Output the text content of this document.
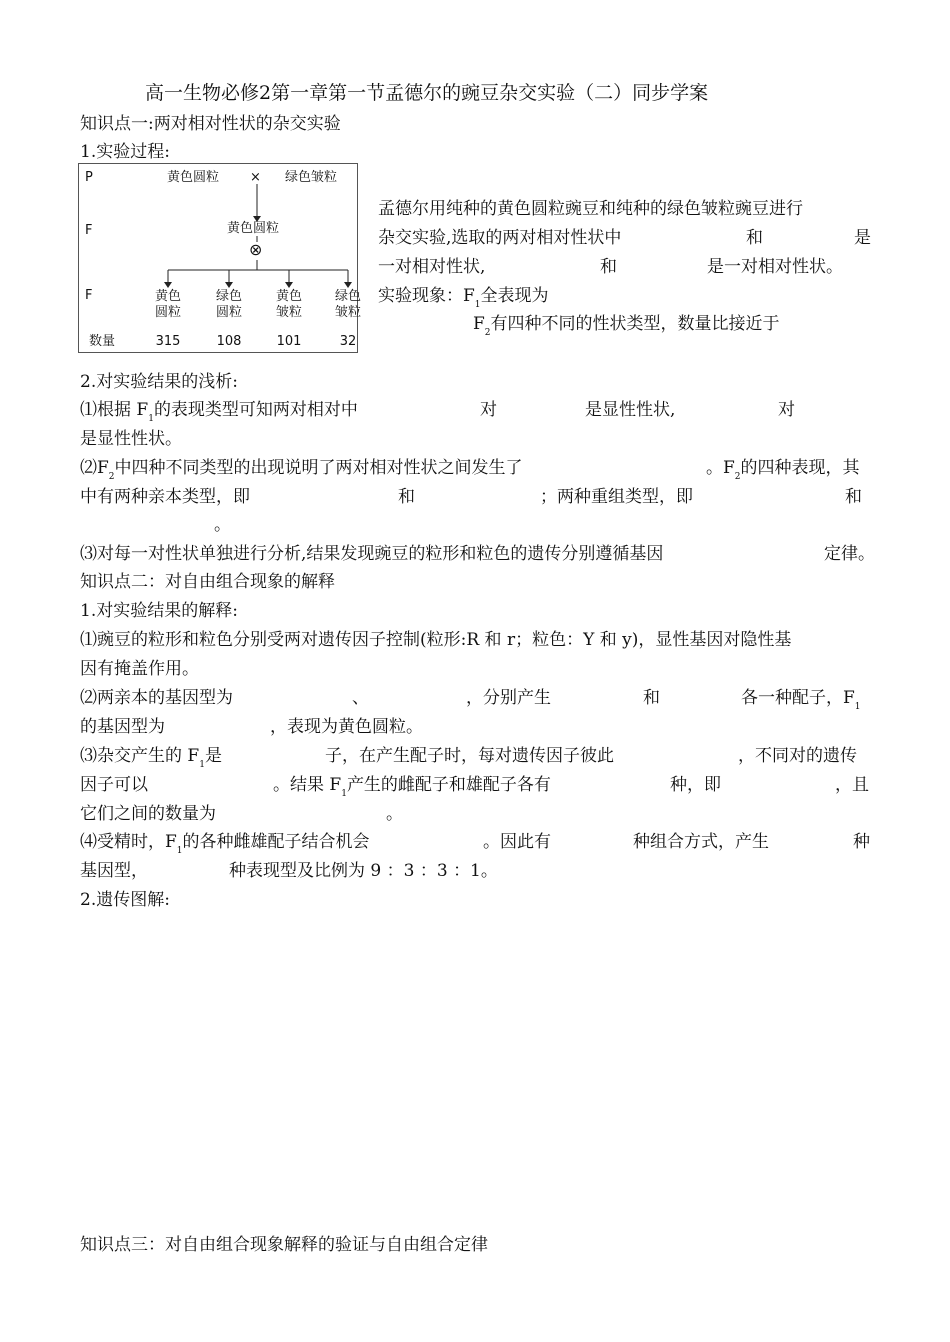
高一生物必修2第一章第一节孟德尔的豌豆杂交实验（二）同步学案
知识点一:两对相对性状的杂交实验
1.实验过程:
P	黄色圆粒 × 绿色皱粒
F	黄色圆粒
⊗
F	黄色
圆粒
绿色
圆粒
黄色
皱粒
绿色
皱粒
数量	315	108	101	32
孟德尔用纯种的黄色圆粒豌豆和纯种的绿色皱粒豌豆进行
杂交实验,选取的两对相对性状中	和	是
一对相对性状,	和	是一对相对性状。
实验现象：$F_1$全表现为
$F_2$有四种不同的性状类型，数量比接近于
2.对实验结果的浅析:
⑴根据 $F_1$的表现类型可知两对相对中	对	是显性性状,	对
是显性性状。
$⑵F_2$中四种不同类型的出现说明了两对相对性状之间发生了	。$F_2$的四种表现，其
中有两种亲本类型，即	和	；两种重组类型，即	和
。
⑶对每一对性状单独进行分析,结果发现豌豆的粒形和粒色的遗传分别遵循基因	定律。
知识点二：对自由组合现象的解释
1.对实验结果的解释:
⑴豌豆的粒形和粒色分别受两对遗传因子控制(粒形:R 和 r；粒色：Y 和 y)，显性基因对隐性基
因有掩盖作用。
⑵两亲本的基因型为	、	，分别产生	和	各一种配子，$F_1$
的基因型为	，表现为黄色圆粒。
⑶杂交产生的 $F_1$是	子，在产生配子时，每对遗传因子彼此	，不同对的遗传
因子可以	。结果 $F_1$产生的雌配子和雄配子各有	种，即	，且
它们之间的数量为	。
⑷受精时，$F_1$的各种雌雄配子结合机会	。因此有	种组合方式，产生	种
基因型，	种表现型及比例为 9 ：3 ：3 ：1。
2.遗传图解:
知识点三：对自由组合现象解释的验证与自由组合定律
